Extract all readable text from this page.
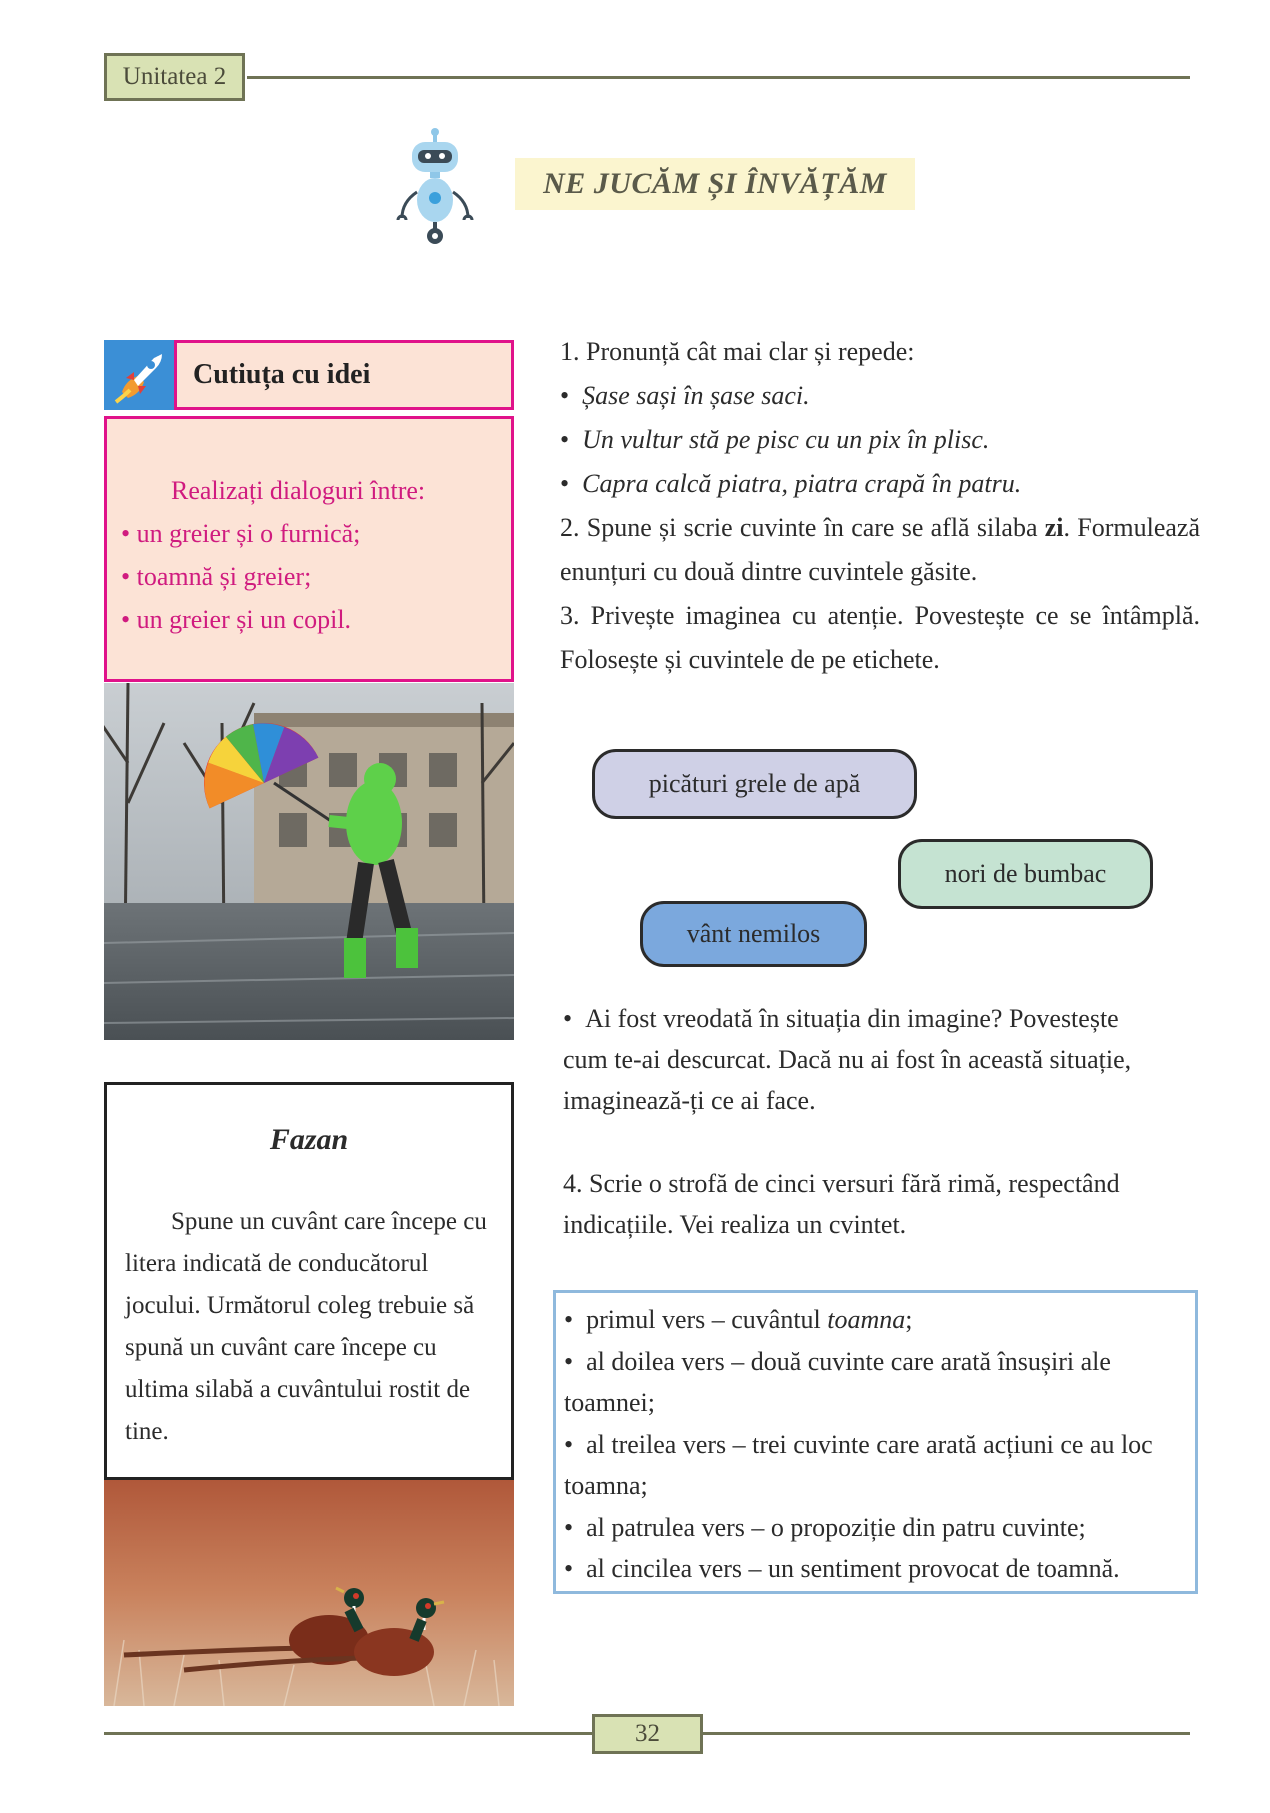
Unitatea 2
NE JUCĂM ȘI ÎNVĂȚĂM
Cutiuța cu idei
Realizați dialoguri între:
• un greier și o furnică;
• toamnă și greier;
• un greier și un copil.
Fazan

Spune un cuvânt care începe cu litera indicată de conducătorul jocului. Următorul coleg trebuie să spună un cuvânt care începe cu ultima silabă a cuvântului rostit de tine.

1. Pronunță cât mai clar și repede:

•  Șase sași în șase saci.

•  Un vultur stă pe pisc cu un pix în plisc.

•  Capra calcă piatra, piatra crapă în patru.

2. Spune și scrie cuvinte în care se află silaba zi. Formulează enunțuri cu două dintre cuvintele găsite.

3. Privește imaginea cu atenție. Povestește ce se întâmplă. Folosește și cuvintele de pe etichete.

picături grele de apă
nori de bumbac
vânt nemilos

•  Ai fost vreodată în situația din imagine? Povestește cum te-ai descurcat. Dacă nu ai fost în această situație, imaginează-ți ce ai face.

4. Scrie o strofă de cinci versuri fără rimă, respectând indicațiile. Vei realiza un cvintet.

•  primul vers – cuvântul toamna;

•  al doilea vers – două cuvinte care arată însușiri ale toamnei;

•  al treilea vers – trei cuvinte care arată acțiuni ce au loc toamna;

•  al patrulea vers – o propoziție din patru cuvinte;

•  al cincilea vers – un sentiment provocat de toamnă.

32
